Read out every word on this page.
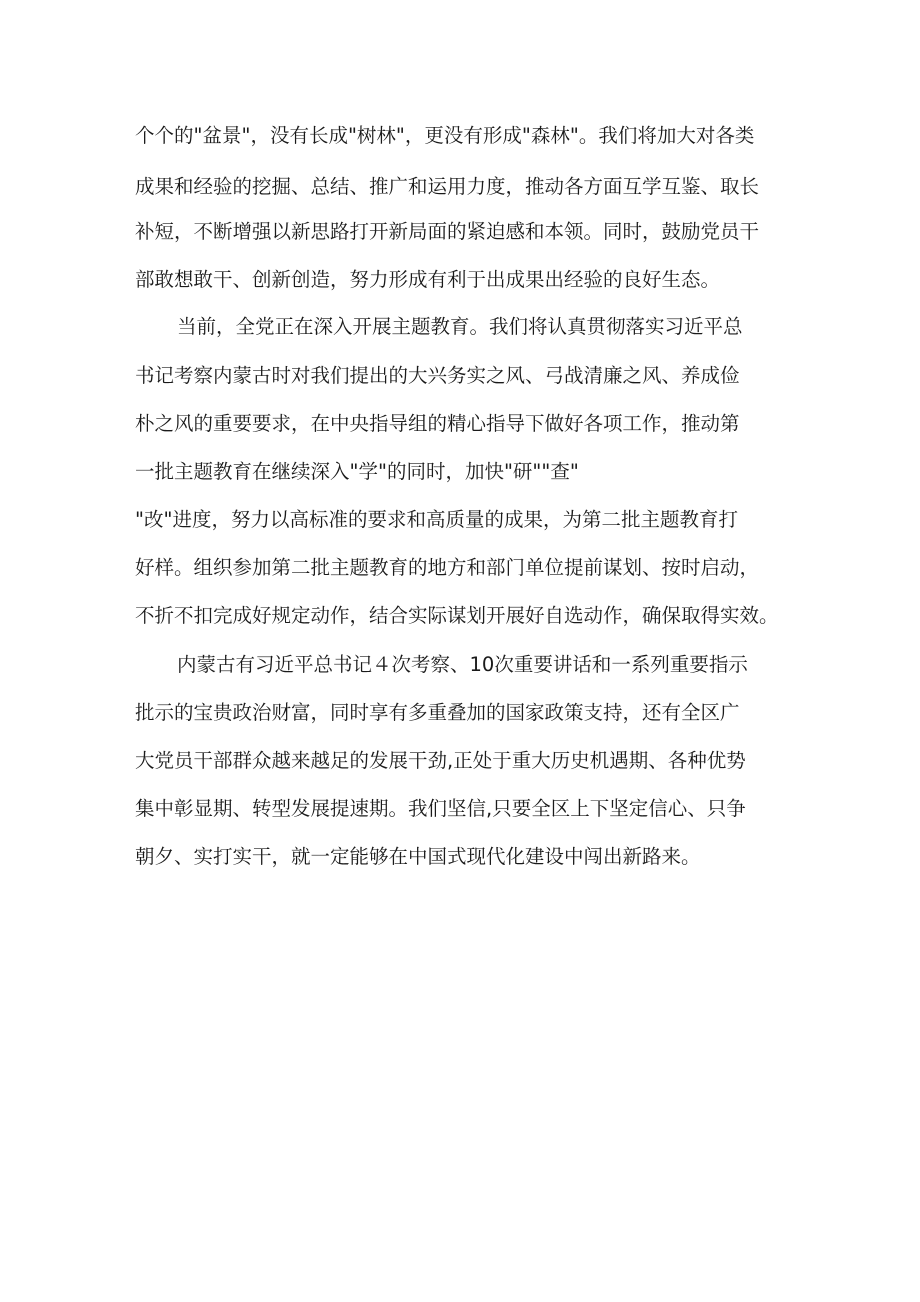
个个的"盆景"，没有长成"树林"，更没有形成"森林"。我们将加大对各类
成果和经验的挖掘、总结、推广和运用力度，推动各方面互学互鉴、取长
补短，不断增强以新思路打开新局面的紧迫感和本领。同时，鼓励党员干
部敢想敢干、创新创造，努力形成有利于出成果出经验的良好生态。
当前，全党正在深入开展主题教育。我们将认真贯彻落实习近平总
书记考察内蒙古时对我们提出的大兴务实之风、弓战清廉之风、养成俭
朴之风的重要要求，在中央指导组的精心指导下做好各项工作，推动第
一批主题教育在继续深入"学"的同时，加快"研""查"
"改"进度，努力以高标准的要求和高质量的成果，为第二批主题教育打
好样。组织参加第二批主题教育的地方和部门单位提前谋划、按时启动，
不折不扣完成好规定动作，结合实际谋划开展好自选动作，确保取得实效。
内蒙古有习近平总书记４次考察、10次重要讲话和一系列重要指示
批示的宝贵政治财富，同时享有多重叠加的国家政策支持，还有全区广
大党员干部群众越来越足的发展干劲,正处于重大历史机遇期、各种优势
集中彰显期、转型发展提速期。我们坚信,只要全区上下坚定信心、只争
朝夕、实打实干，就一定能够在中国式现代化建设中闯出新路来。
